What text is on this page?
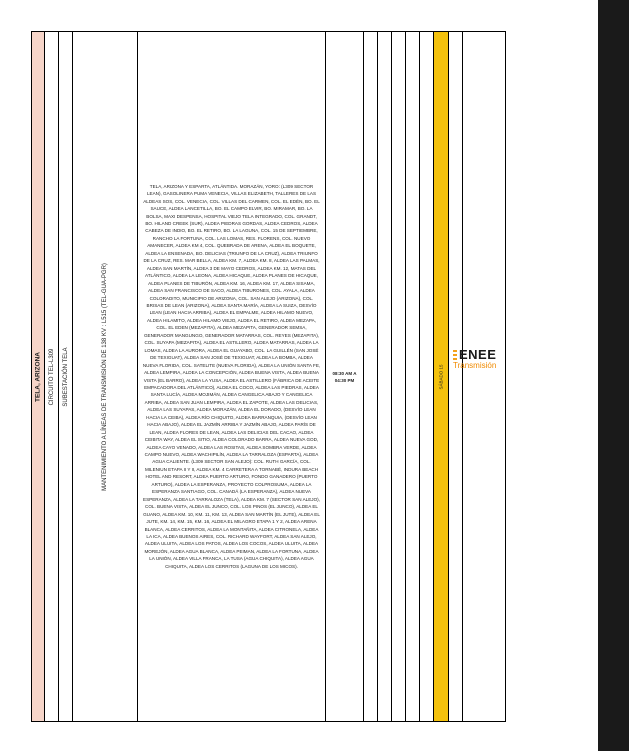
TELA, ARIZONA CIRCUITO TEL-L309 SUBESTACIÓN TELA	MANTENIMIENTO A LÍNEAS DE TRANSMISIÓN DE 138 KV : L515 (TEL-GUA-PGR)

TELA, ARIZONA Y ESPARTA, ATLÁNTIDA. MORAZÁN, YORO: (L309 SECTOR LEAN), GASOLINERA PUMA VENECIA, VILLAS ELIZABETH, TALLERES DE LAS ALDEAS SOS, COL. VENECIA, COL. VILLAS DEL CARMEN, COL. EL EDÉN, BO. EL SAUCE, ALDEA LANCETILLA, BO. EL CAMPO ELVIR, BO. MIRAMAR, BO. LA BOLSA, MAXI DESPENSA, HOSPITAL VIEJO TELA INTEGRADO, COL. GRANDT, BO. HILAND CREEK (SUR), ALDEA PIEDRAS GORDAS, ALDEA CEDROS, ALDEA CABEZA DE INDIO, BO. EL RETIRO, BO. LA LAGUNA, COL. 15 DE SEPTIEMBRE, RANCHO LA FORTUNA, COL. LAS LOMAS, RES. FLORENS, COL. NUEVO AMANECER, ALDEA KM 4, COL. QUEBRADA DE ARENA, ALDEA EL BOQUETE, ALDEA LA ENSENADA, BO. DELICIAS (TRIUNFO DE LA CRUZ), ALDEA TRIUNFO DE LA CRUZ, RES. MAR BELLA, ALDEA KM. 7, ALDEA KM. 8, ALDEA LAS PALMAS, ALDEA SAN MARTÍN, ALDEA 3 DE MAYO CEDROS, ALDEA KM. 12, MATAS DEL ATLÁNTICO, ALDEA LA LEONA, ALDEA HICAQUE, ALDEA PLANES DE HICAQUE, ALDEA PLANES DE TIBURÓN, ALDEA KM. 16, ALDEA KM. 17, ALDEA SISAMA, ALDEA SAN FRANCISCO DE SACO, ALDEA TIBURONES, COL. AYALA, ALDEA COLORADITO, MUNICIPIO DE ARIZONA, COL. SAN ALEJO (ARIZONA), COL. BRISAS DE LEAN (ARIZONA), ALDEA SANTA MARÍA, ALDEA LA SUIZA, DESVÍO LEAN (LEAN HACIA ARRIBA), ALDEA EL EMPALME, ALDEA HILAMO NUEVO, ALDEA HILAMITO, ALDEA HILAMO VIEJO, ALDEA EL RETIRO, ALDEA MEZAPA, COL. EL EDEN (MEZAPITA), ALDEA MEZAPITA, GENERADOR SEMSA, GENERADOR MANGUNGO, GENERADOR MATARRAS, COL. REYES (MEZAPITA), COL. SUYAPA (MEZAPITA), ALDEA EL ASTILLERO, ALDEA MATARRAS, ALDEA LA LOMAS, ALDEA LA AURORA, ALDEA EL GUAYABO, COL. LA GUILLÉN (SAN JOSÉ DE TEXIGUAT), ALDEA SAN JOSÉ DE TEXIGUAT, ALDEA LA BOMBA, ALDEA NUEVA FLORIDA, COL. SATELITE (NUEVA FLORIDA), ALDEA LA UNIÓN SANTA FE, ALDEA LEMPIRA, ALDEA LA CONCEPCIÓN, ALDEA BUENA VISTA, ALDEA BUENA VISTA (EL BARRO), ALDEA LA YUSA, ALDEA EL ASTILLERO (FÁBRICA DE ACEITE EMPACADORA DEL ATLÁNTICO), ALDEA EL COCO, ALDEA LAS PIEDRAS, ALDEA SANTA LUCÍA, ALDEA MOJIMÁN, ALDEA CANGELICA ABAJO Y CANGELICA ARRIBA, ALDEA SAN JUAN LEMPIRA, ALDEA EL ZAPOTE, ALDEA LAS DELICIAS, ALDEA LAS SUYAPAS, ALDEA MORAZÁN, ALDEA EL DORADO, (DESVÍO LEAN HACIA LA CEIBA), ALDEA RÍO CHIQUITO, ALDEA BARRANQUIA, (DESVÍO LEAN HACIA ABAJO), ALDEA EL JAZMÍN ARRIBA Y JAZMÍN ABAJO, ALDEA PARÍS DE LEAN, ALDEA FLORES DE LEAN, ALDEA LAS DELICIAS DEL CACAO, ALDEA CEIBITA WAY, ALDEA EL SITIO, ALDEA COLORADO BARRA, ALDEA NUEVA GOD, ALDEA CAYO VENADO, ALDEA LAS ROSITAS, ALDEA SOMBRA VERDE, ALDEA CAMPO NUEVO, ALDEA WACHIPILÍN, ALDEA LA TARRALOZA (ESPARTA), ALDEA AGUA CALIENTE. (L309 SECTOR SAN ALEJO): COL. RUTH GARCÍA, COL. MILENIUN ETAPA II Y II, ALDEA KM. 4 CARRETERA A TORNABÉ, INDURA BEACH HOTEL AND RESORT, ALDEA PUERTO ARTURO, FONDO GANADERO (PUERTO ARTURO), ALDEA LA ESPERANZA, PROYECTO COLPROSUMA, ALDEA LA ESPERANZA SANTIAGO, COL. CANADÁ (LA ESPERANZA), ALDEA NUEVA ESPERANZA, ALDEA LA TARRALOZA (TELA), ALDEA KM. 7 (SECTOR SAN ALEJO), COL. BUENA VISTA, ALDEA EL JUNCO, COL. LOS PINOS (EL JUNCO), ALDEA EL GUANO, ALDEA KM. 10, KM. 11, KM. 13, ALDEA SAN MARTÍN (EL JUTE), ALDEA EL JUTE, KM. 14, KM. 15, KM. 16, ALDEA EL MILAGRO ETAPA 1 Y 2, ALDEA ARENA BLANCA, ALDEA CERRITOS, ALDEA LA MONTAÑITA, ALDEA CITRONELA, ALDEA LA ICA, ALDEA BUENOS AIRES, COL. RICHARD WAYFORT, ALDEA SAN ALEJO, ALDEA ULUITA, ALDEA LOS PATOS, ALDEA LOS COCOS, ALDEA ULUITA, ALDEA MOREJÓN, ALDEA AGUA BLANCA, ALDEA PEIMAN, ALDEA LA FORTUNA, ALDEA LA UNIÓN, ALDEA VILLA FRANCA, LA TUSA (AGUA CHIQUITA), ALDEA AGUA CHIQUITA, ALDEA LOS CERRITOS (LAGUNA DE LOS MICOS).

08:30 AM A
04:30 PM	SÁBADO 15
ENEE
Transmisión
